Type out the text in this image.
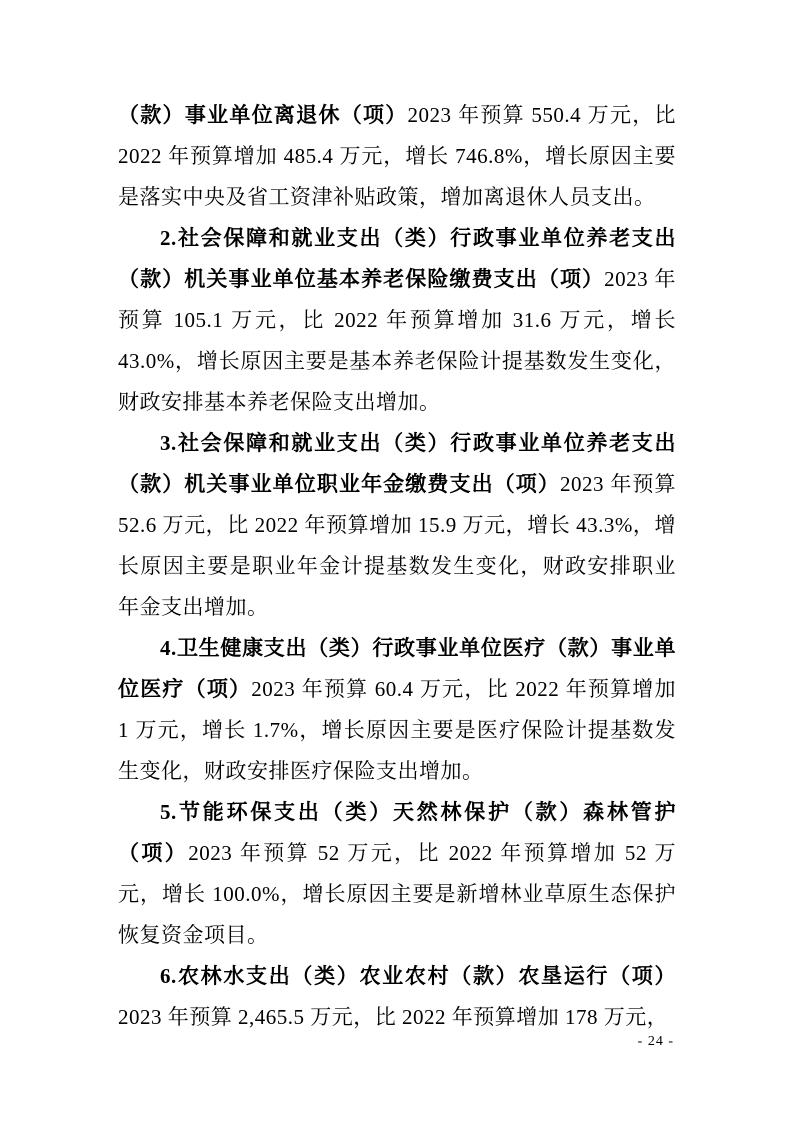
（款）事业单位离退休（项）2023 年预算 550.4 万元，比 2022 年预算增加 485.4 万元，增长 746.8%，增长原因主要是落实中央及省工资津补贴政策，增加离退休人员支出。

2.社会保障和就业支出（类）行政事业单位养老支出（款）机关事业单位基本养老保险缴费支出（项）2023 年预算 105.1 万元，比 2022 年预算增加 31.6 万元，增长 43.0%，增长原因主要是基本养老保险计提基数发生变化，财政安排基本养老保险支出增加。

3.社会保障和就业支出（类）行政事业单位养老支出（款）机关事业单位职业年金缴费支出（项）2023 年预算 52.6 万元，比 2022 年预算增加 15.9 万元，增长 43.3%，增长原因主要是职业年金计提基数发生变化，财政安排职业年金支出增加。

4.卫生健康支出（类）行政事业单位医疗（款）事业单位医疗（项）2023 年预算 60.4 万元，比 2022 年预算增加 1 万元，增长 1.7%，增长原因主要是医疗保险计提基数发生变化，财政安排医疗保险支出增加。

5.节能环保支出（类）天然林保护（款）森林管护（项）2023 年预算 52 万元，比 2022 年预算增加 52 万元，增长 100.0%，增长原因主要是新增林业草原生态保护恢复资金项目。

6.农林水支出（类）农业农村（款）农垦运行（项）2023 年预算 2,465.5 万元，比 2022 年预算增加 178 万元，

- 24 -
